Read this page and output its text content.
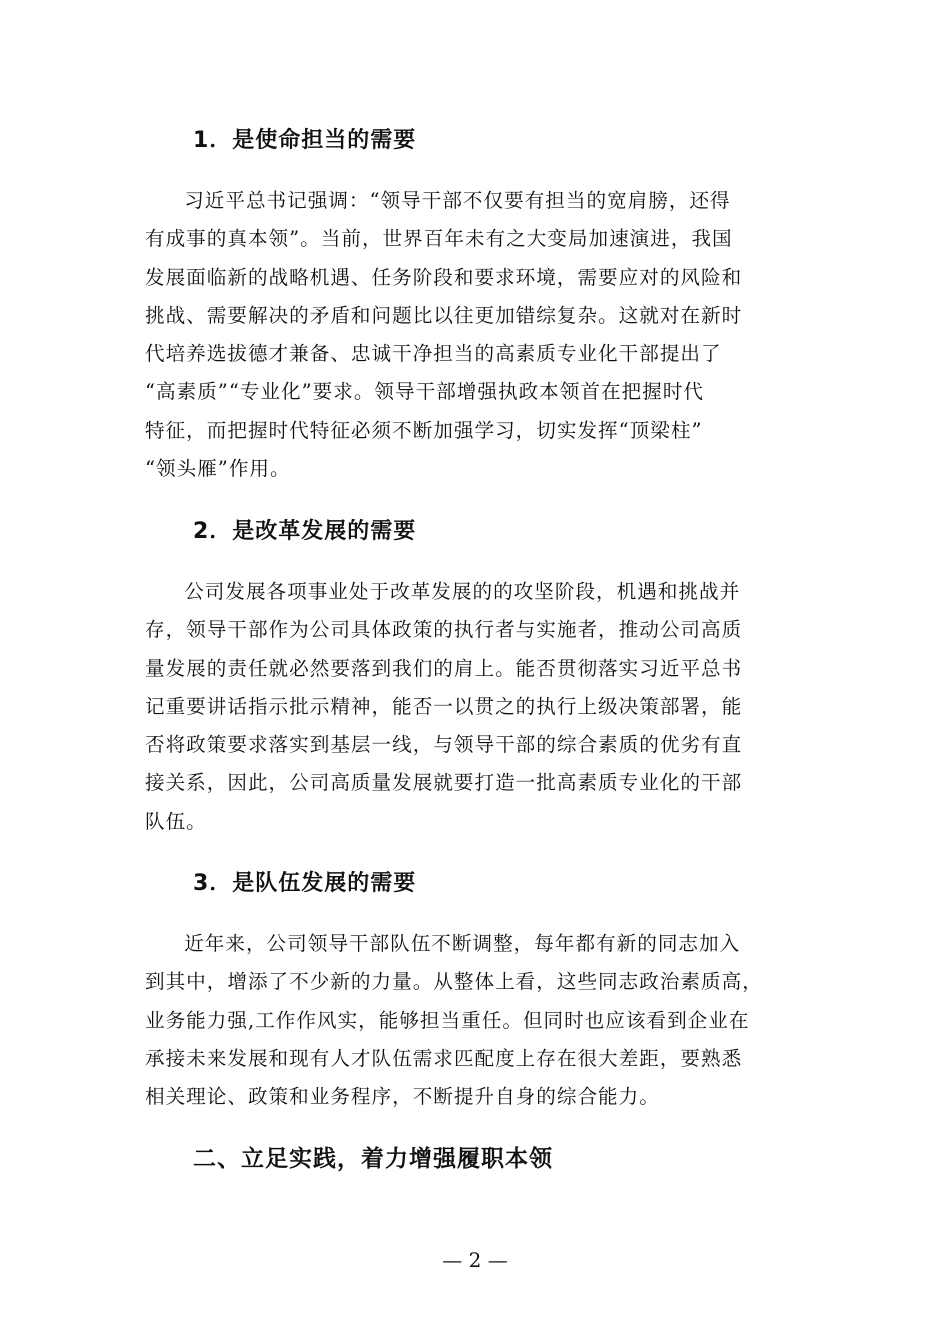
1．是使命担当的需要

习近平总书记强调：“领导干部不仅要有担当的宽肩膀，还得
有成事的真本领”。当前，世界百年未有之大变局加速演进，我国
发展面临新的战略机遇、任务阶段和要求环境，需要应对的风险和
挑战、需要解决的矛盾和问题比以往更加错综复杂。这就对在新时
代培养选拔德才兼备、忠诚干净担当的高素质专业化干部提出了
“高素质”“专业化”要求。领导干部增强执政本领首在把握时代
特征，而把握时代特征必须不断加强学习，切实发挥“顶梁柱”
“领头雁”作用。

2．是改革发展的需要

公司发展各项事业处于改革发展的的攻坚阶段，机遇和挑战并
存，领导干部作为公司具体政策的执行者与实施者，推动公司高质
量发展的责任就必然要落到我们的肩上。能否贯彻落实习近平总书
记重要讲话指示批示精神，能否一以贯之的执行上级决策部署，能
否将政策要求落实到基层一线，与领导干部的综合素质的优劣有直
接关系，因此，公司高质量发展就要打造一批高素质专业化的干部
队伍。

3．是队伍发展的需要

近年来，公司领导干部队伍不断调整，每年都有新的同志加入
到其中，增添了不少新的力量。从整体上看，这些同志政治素质高，
业务能力强,工作作风实，能够担当重任。但同时也应该看到企业在
承接未来发展和现有人才队伍需求匹配度上存在很大差距，要熟悉
相关理论、政策和业务程序，不断提升自身的综合能力。

二、立足实践，着力增强履职本领
— 2 —
